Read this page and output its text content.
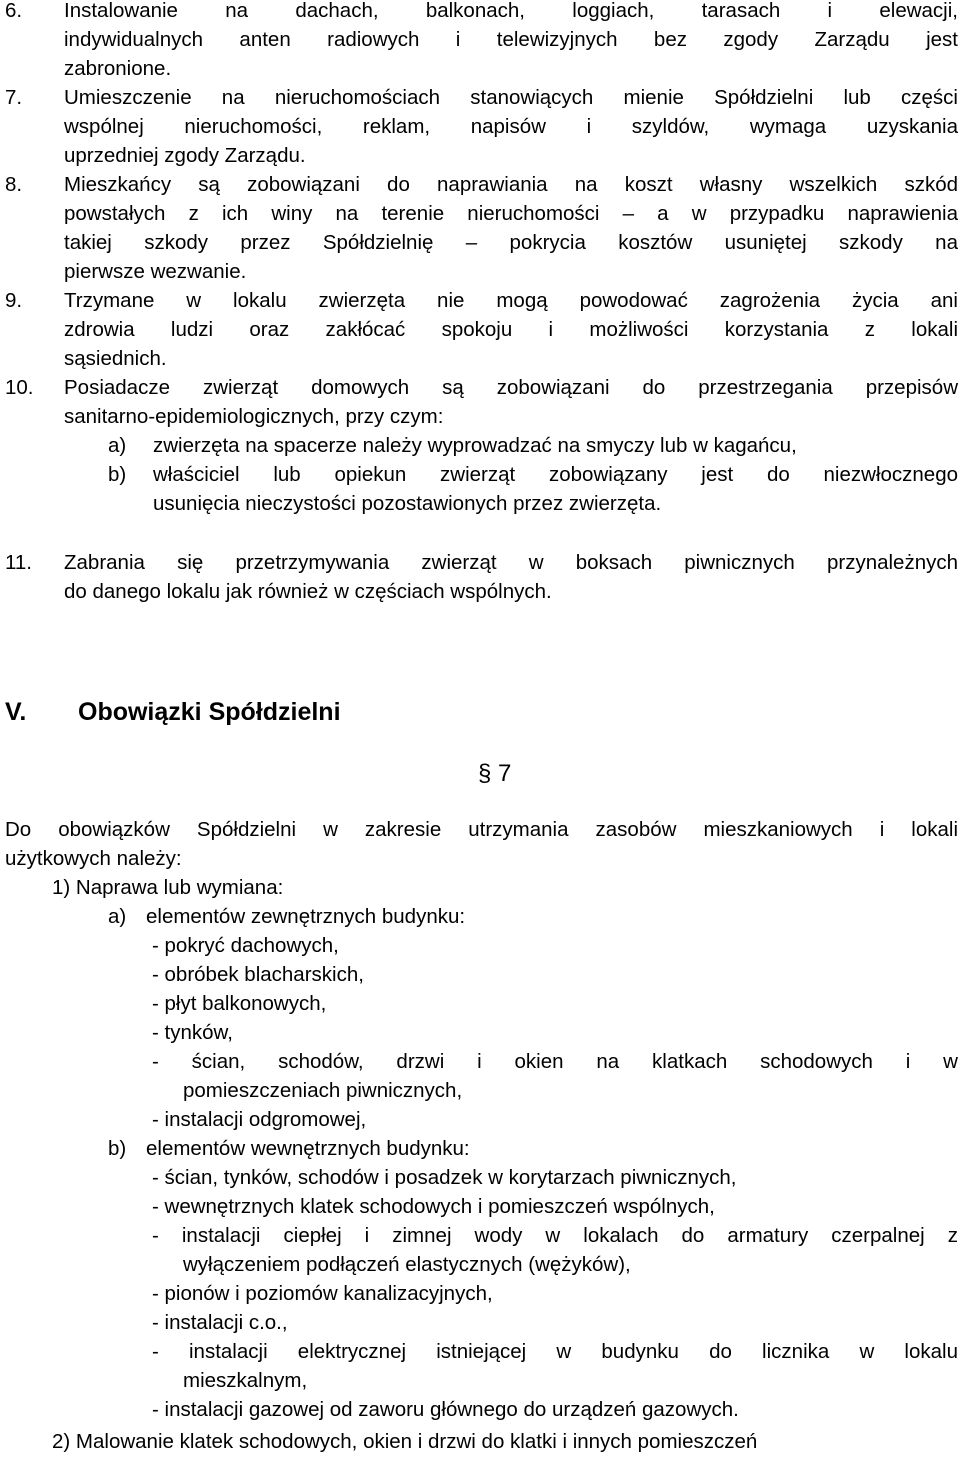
6. Instalowanie na dachach, balkonach, loggiach, tarasach i elewacji,
indywidualnych anten radiowych i telewizyjnych bez zgody Zarządu jest
zabronione.
7. Umieszczenie na nieruchomościach stanowiących mienie Spółdzielni lub części
wspólnej nieruchomości, reklam, napisów i szyldów, wymaga uzyskania
uprzedniej zgody Zarządu.
8. Mieszkańcy są zobowiązani do naprawiania na koszt własny wszelkich szkód
powstałych z ich winy na terenie nieruchomości – a w przypadku naprawienia
takiej szkody przez Spółdzielnię – pokrycia kosztów usuniętej szkody na
pierwsze wezwanie.
9. Trzymane w lokalu zwierzęta nie mogą powodować zagrożenia życia ani
zdrowia ludzi oraz zakłócać spokoju i możliwości korzystania z lokali
sąsiednich.
10. Posiadacze zwierząt domowych są zobowiązani do przestrzegania przepisów
sanitarno-epidemiologicznych, przy czym:
a) zwierzęta na spacerze należy wyprowadzać na smyczy lub w kagańcu,
b) właściciel lub opiekun zwierząt zobowiązany jest do niezwłocznego
usunięcia nieczystości pozostawionych przez zwierzęta.
11. Zabrania się przetrzymywania zwierząt w boksach piwnicznych przynależnych
do danego lokalu jak również w częściach wspólnych.
V. Obowiązki Spółdzielni
§ 7
Do obowiązków Spółdzielni w zakresie utrzymania zasobów mieszkaniowych i lokali
użytkowych należy:
1) Naprawa lub wymiana:
a) elementów zewnętrznych budynku:
- pokryć dachowych,
- obróbek blacharskich,
- płyt balkonowych,
- tynków,
- ścian, schodów, drzwi i okien na klatkach schodowych i w
pomieszczeniach piwnicznych,
- instalacji odgromowej,
b) elementów wewnętrznych budynku:
- ścian, tynków, schodów i posadzek w korytarzach piwnicznych,
- wewnętrznych klatek schodowych i pomieszczeń wspólnych,
- instalacji ciepłej i zimnej wody w lokalach do armatury czerpalnej z
wyłączeniem podłączeń elastycznych (wężyków),
- pionów i poziomów kanalizacyjnych,
- instalacji c.o.,
- instalacji elektrycznej istniejącej w budynku do licznika w lokalu
mieszkalnym,
- instalacji gazowej od zaworu głównego do urządzeń gazowych.
2) Malowanie klatek schodowych, okien i drzwi do klatki i innych pomieszczeń
